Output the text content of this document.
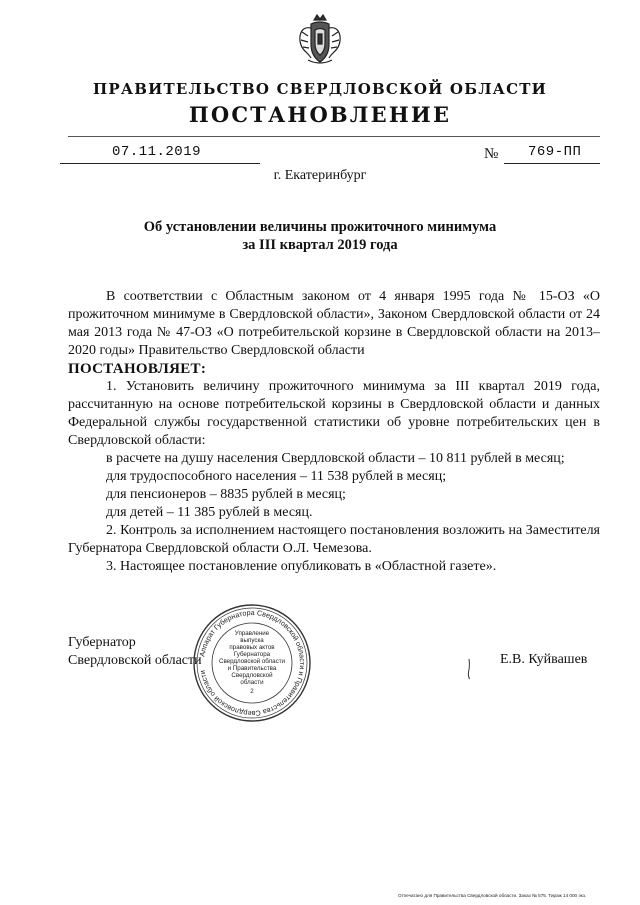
ПРАВИТЕЛЬСТВО СВЕРДЛОВСКОЙ ОБЛАСТИ
ПОСТАНОВЛЕНИЕ
07.11.2019	№ 769-ПП
г. Екатеринбург
Об установлении величины прожиточного минимума
за III квартал 2019 года

В соответствии с Областным законом от 4 января 1995 года № 15-ОЗ «О прожиточном минимуме в Свердловской области», Законом Свердловской области от 24 мая 2013 года № 47-ОЗ «О потребительской корзине в Свердловской области на 2013–2020 годы» Правительство Свердловской области

ПОСТАНОВЛЯЕТ:

1. Установить величину прожиточного минимума за III квартал 2019 года, рассчитанную на основе потребительской корзины в Свердловской области и данных Федеральной службы государственной статистики об уровне потребительских цен в Свердловской области:

в расчете на душу населения Свердловской области – 10 811 рублей в месяц;

для трудоспособного населения – 11 538 рублей в месяц;

для пенсионеров – 8835 рублей в месяц;

для детей – 11 385 рублей в месяц.

2. Контроль за исполнением настоящего постановления возложить на Заместителя Губернатора Свердловской области О.Л. Чемезова.

3. Настоящее постановление опубликовать в «Областной газете».

Губернатор
Свердловской области
Аппарат Губернатора Свердловской области и Правительства Свердловской области
Управление
выпуска
правовых актов
Губернатора
Свердловской области
и Правительства
Свердловской
области
2
Е.В. Куйвашев
Отпечатано для Правительства Свердловской области. Заказ № 575. Тираж 14 000 экз.
